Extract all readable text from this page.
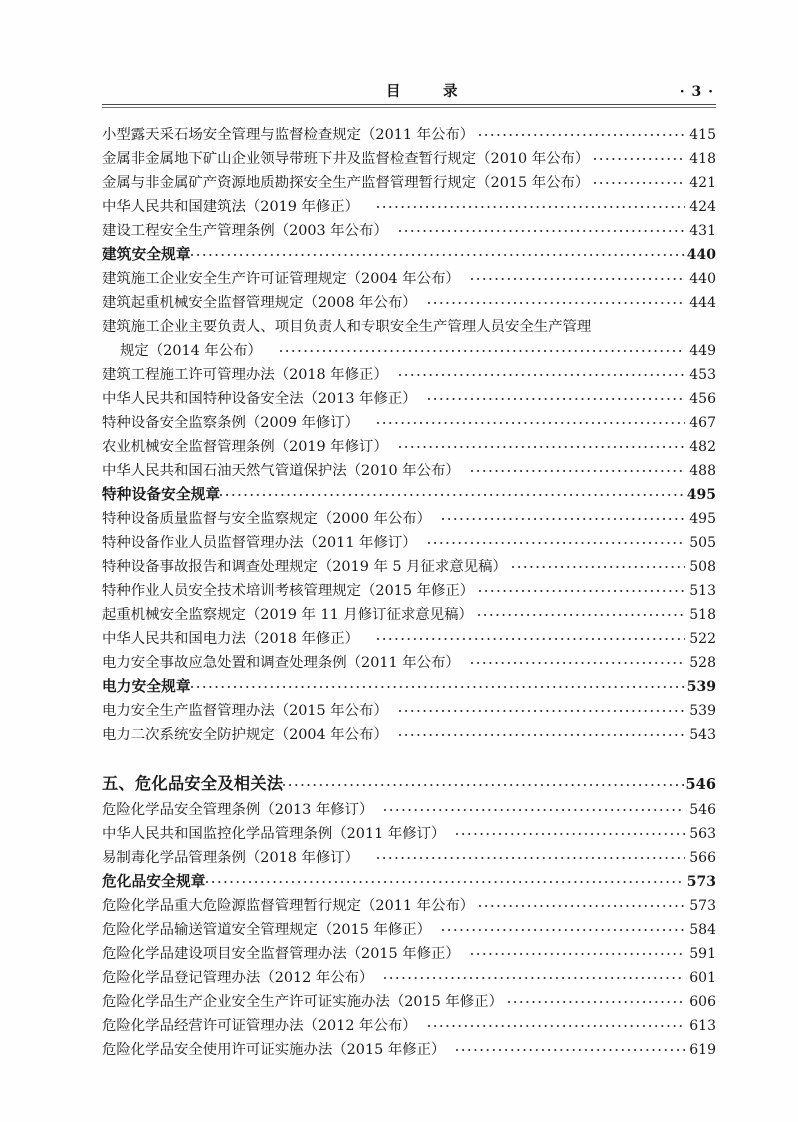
目　录	· 3 ·
小型露天采石场安全管理与监督检查规定（2011 年公布）	415
金属非金属地下矿山企业领导带班下井及监督检查暂行规定（2010 年公布）	418
金属与非金属矿产资源地质勘探安全生产监督管理暂行规定（2015 年公布）	421
中华人民共和国建筑法（2019 年修正）	424
建设工程安全生产管理条例（2003 年公布）	431
建筑安全规章	440
建筑施工企业安全生产许可证管理规定（2004 年公布）	440
建筑起重机械安全监督管理规定（2008 年公布）	444
建筑施工企业主要负责人、项目负责人和专职安全生产管理人员安全生产管理
规定（2014 年公布）	449
建筑工程施工许可管理办法（2018 年修正）	453
中华人民共和国特种设备安全法（2013 年修正）	456
特种设备安全监察条例（2009 年修订）	467
农业机械安全监督管理条例（2019 年修订）	482
中华人民共和国石油天然气管道保护法（2010 年公布）	488
特种设备安全规章	495
特种设备质量监督与安全监察规定（2000 年公布）	495
特种设备作业人员监督管理办法（2011 年修订）	505
特种设备事故报告和调查处理规定（2019 年 5 月征求意见稿）	508
特种作业人员安全技术培训考核管理规定（2015 年修正）	513
起重机械安全监察规定（2019 年 11 月修订征求意见稿）	518
中华人民共和国电力法（2018 年修正）	522
电力安全事故应急处置和调查处理条例（2011 年公布）	528
电力安全规章	539
电力安全生产监督管理办法（2015 年公布）	539
电力二次系统安全防护规定（2004 年公布）	543
五、危化品安全及相关法	546
危险化学品安全管理条例（2013 年修订）	546
中华人民共和国监控化学品管理条例（2011 年修订）	563
易制毒化学品管理条例（2018 年修订）	566
危化品安全规章	573
危险化学品重大危险源监督管理暂行规定（2011 年公布）	573
危险化学品输送管道安全管理规定（2015 年修正）	584
危险化学品建设项目安全监督管理办法（2015 年修正）	591
危险化学品登记管理办法（2012 年公布）	601
危险化学品生产企业安全生产许可证实施办法（2015 年修正）	606
危险化学品经营许可证管理办法（2012 年公布）	613
危险化学品安全使用许可证实施办法（2015 年修正）	619
